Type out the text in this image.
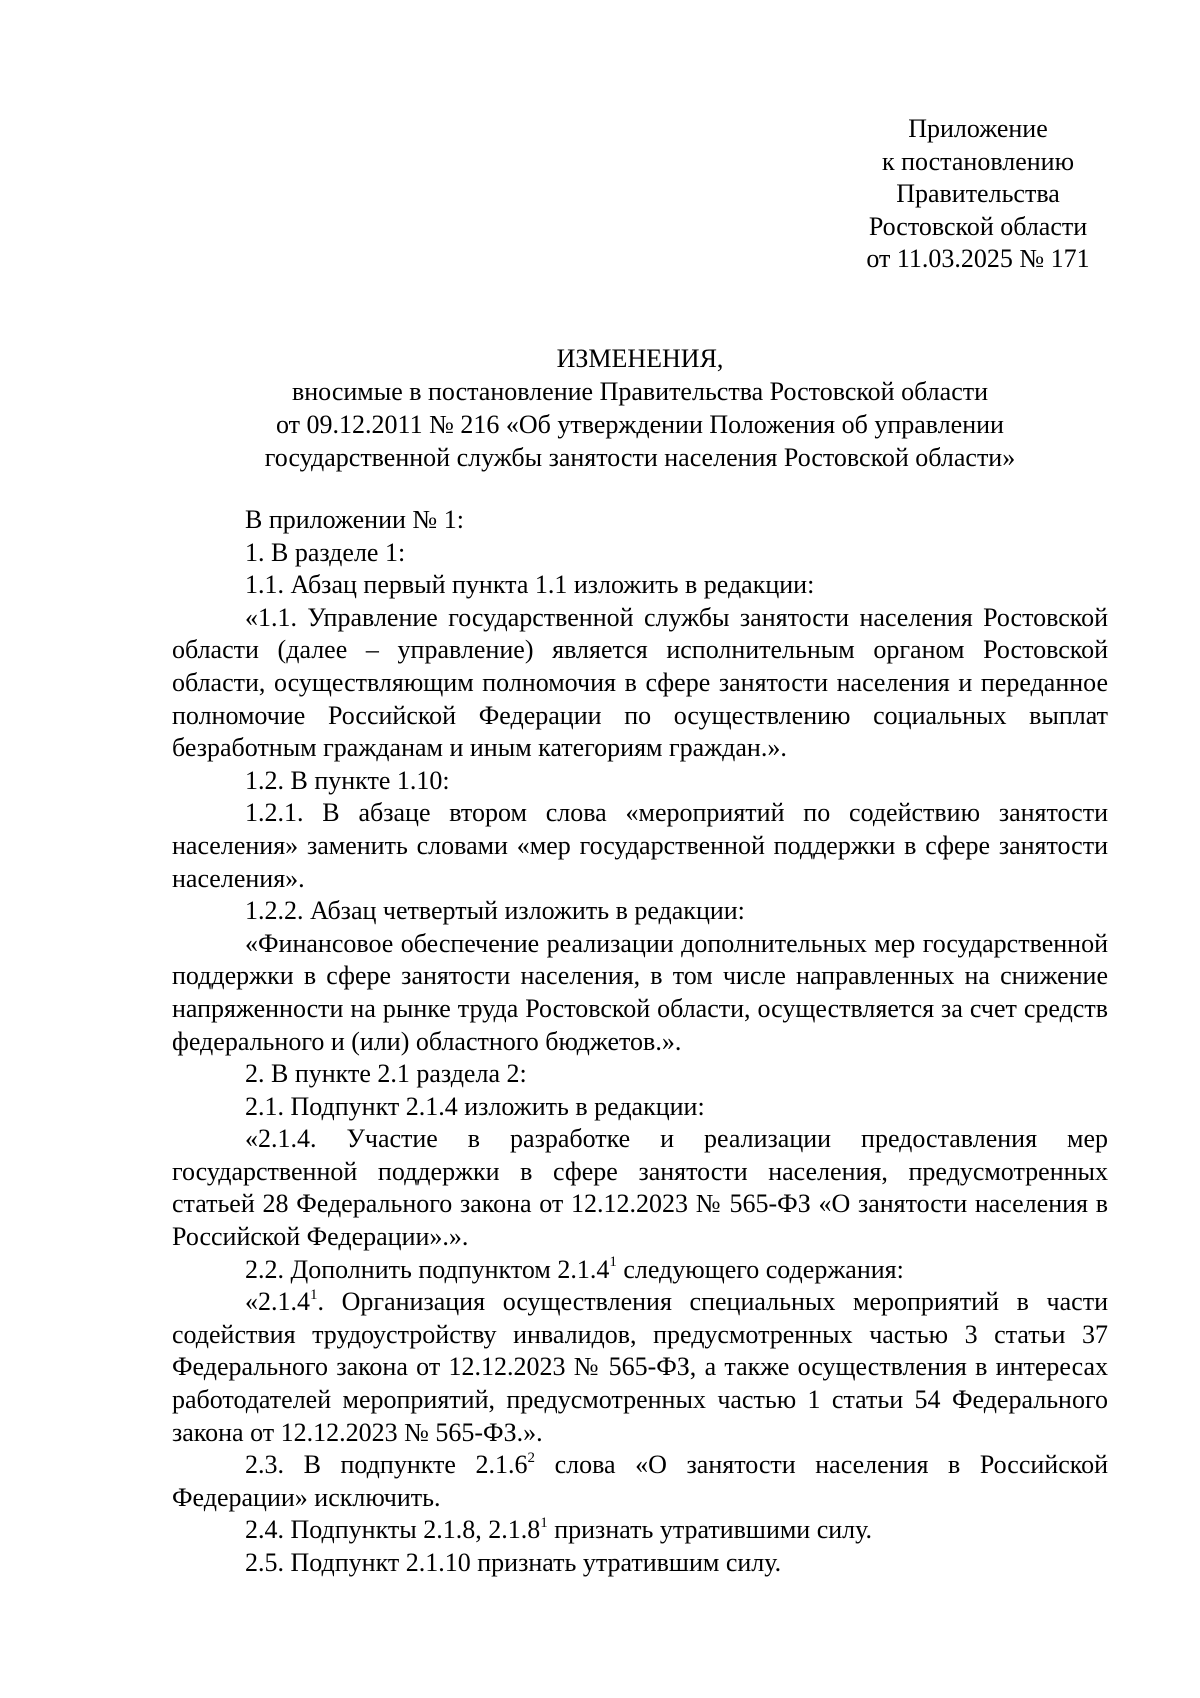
Приложение
к постановлению
Правительства
Ростовской области
от 11.03.2025 № 171
ИЗМЕНЕНИЯ,
вносимые в постановление Правительства Ростовской области
от 09.12.2011 № 216 «Об утверждении Положения об управлении
государственной службы занятости населения Ростовской области»

В приложении № 1:

1. В разделе 1:

1.1. Абзац первый пункта 1.1 изложить в редакции:

«1.1. Управление государственной службы занятости населения Ростовской области (далее – управление) является исполнительным органом Ростовской области, осуществляющим полномочия в сфере занятости населения и переданное полномочие Российской Федерации по осуществлению социальных выплат безработным гражданам и иным категориям граждан.».

1.2. В пункте 1.10:

1.2.1. В абзаце втором слова «мероприятий по содействию занятости населения» заменить словами «мер государственной поддержки в сфере занятости населения».

1.2.2. Абзац четвертый изложить в редакции:

«Финансовое обеспечение реализации дополнительных мер государственной поддержки в сфере занятости населения, в том числе направленных на снижение напряженности на рынке труда Ростовской области, осуществляется за счет средств федерального и (или) областного бюджетов.».

2. В пункте 2.1 раздела 2:

2.1. Подпункт 2.1.4 изложить в редакции:

«2.1.4. Участие в разработке и реализации предоставления мер государственной поддержки в сфере занятости населения, предусмотренных статьей 28 Федерального закона от 12.12.2023 № 565-ФЗ «О занятости населения в Российской Федерации».».

2.2. Дополнить подпунктом 2.1.4$^1$ следующего содержания:

«2.1.4$^1$. Организация осуществления специальных мероприятий в части содействия трудоустройству инвалидов, предусмотренных частью 3 статьи 37 Федерального закона от 12.12.2023 № 565-ФЗ, а также осуществления в интересах работодателей мероприятий, предусмотренных частью 1 статьи 54 Федерального закона от 12.12.2023 № 565-ФЗ.».

2.3. В подпункте 2.1.6$^2$ слова «О занятости населения в Российской Федерации» исключить.

2.4. Подпункты 2.1.8, 2.1.8$^1$ признать утратившими силу.

2.5. Подпункт 2.1.10 признать утратившим силу.
